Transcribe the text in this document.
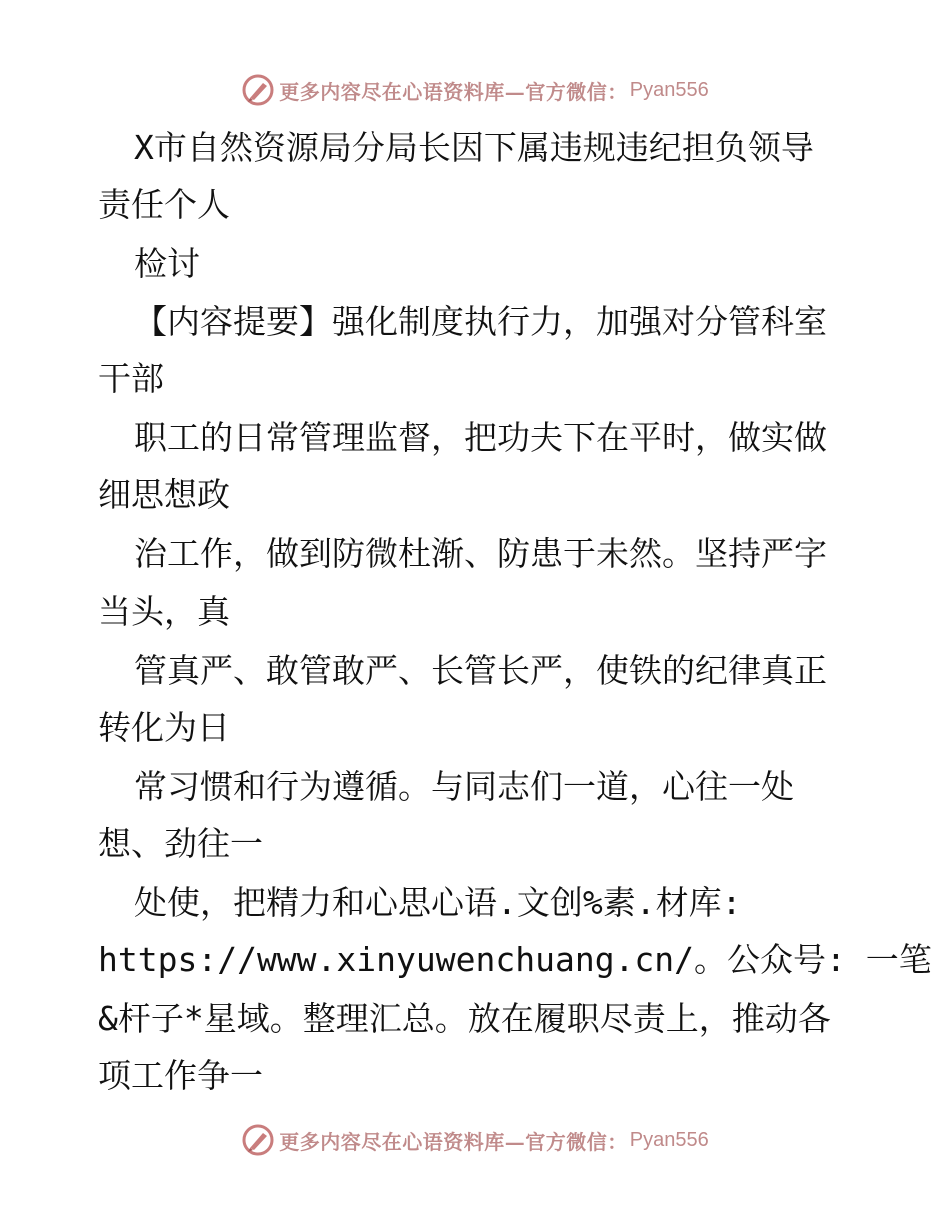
更多内容尽在心语资料库—官方微信： Pyan556
X市自然资源局分局长因下属违规违纪担负领导
责任个人
检讨
【内容提要】强化制度执行力，加强对分管科室
干部
职工的日常管理监督，把功夫下在平时，做实做
细思想政
治工作，做到防微杜渐、防患于未然。坚持严字
当头，真
管真严、敢管敢严、长管长严，使铁的纪律真正
转化为日
常习惯和行为遵循。与同志们一道，心往一处
想、劲往一
处使，把精力和心思心语.文创%素.材库:
https://www.xinyuwenchuang.cn/。公众号: 一笔
&杆子*星域。整理汇总。放在履职尽责上，推动各
项工作争一
更多内容尽在心语资料库—官方微信： Pyan556
